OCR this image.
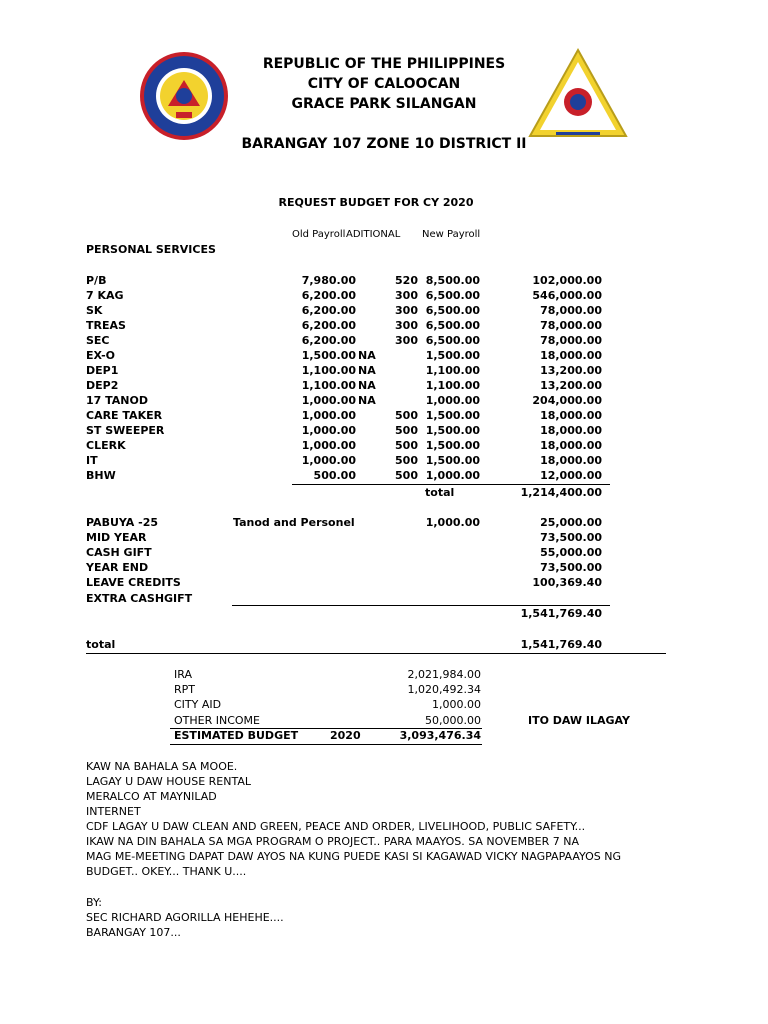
REPUBLIC OF THE PHILIPPINES
CITY OF CALOOCAN
GRACE PARK SILANGAN
BARANGAY 107 ZONE 10 DISTRICT II
REQUEST BUDGET FOR CY 2020
Old Payroll ADITIONAL New Payroll
PERSONAL SERVICES
P/B	7,980.00	520 8,500.00	102,000.00
7 KAG	6,200.00	300 6,500.00	546,000.00
SK	6,200.00	300 6,500.00	78,000.00
TREAS	6,200.00	300 6,500.00	78,000.00
SEC	6,200.00	300 6,500.00	78,000.00
EX-O	1,500.00 NA	1,500.00	18,000.00
DEP1	1,100.00 NA	1,100.00	13,200.00
DEP2	1,100.00 NA	1,100.00	13,200.00
17 TANOD	1,000.00 NA	1,000.00	204,000.00
CARE TAKER	1,000.00	500 1,500.00	18,000.00
ST SWEEPER	1,000.00	500 1,500.00	18,000.00
CLERK	1,000.00	500 1,500.00	18,000.00
IT	1,000.00	500 1,500.00	18,000.00
BHW	500.00	500 1,000.00	12,000.00
total	1,214,400.00
PABUYA -25	Tanod and Personel	1,000.00	25,000.00
MID YEAR	73,500.00
CASH GIFT	55,000.00
YEAR END	73,500.00
LEAVE CREDITS	100,369.40
EXTRA CASHGIFT
1,541,769.40
total	1,541,769.40
IRA	2,021,984.00
RPT	1,020,492.34
CITY AID	1,000.00
OTHER INCOME	50,000.00	ITO DAW ILAGAY
ESTIMATED BUDGET	2020	3,093,476.34
KAW NA BAHALA SA MOOE.
LAGAY U DAW HOUSE RENTAL
MERALCO AT MAYNILAD
INTERNET
CDF LAGAY U DAW CLEAN AND GREEN, PEACE AND ORDER, LIVELIHOOD, PUBLIC SAFETY...
IKAW NA DIN BAHALA SA MGA PROGRAM O PROJECT.. PARA MAAYOS. SA NOVEMBER 7 NA
MAG ME-MEETING DAPAT DAW AYOS NA KUNG PUEDE KASI SI KAGAWAD VICKY NAGPAPAAYOS NG
BUDGET.. OKEY... THANK U....
BY:
SEC RICHARD AGORILLA HEHEHE....
BARANGAY 107...
